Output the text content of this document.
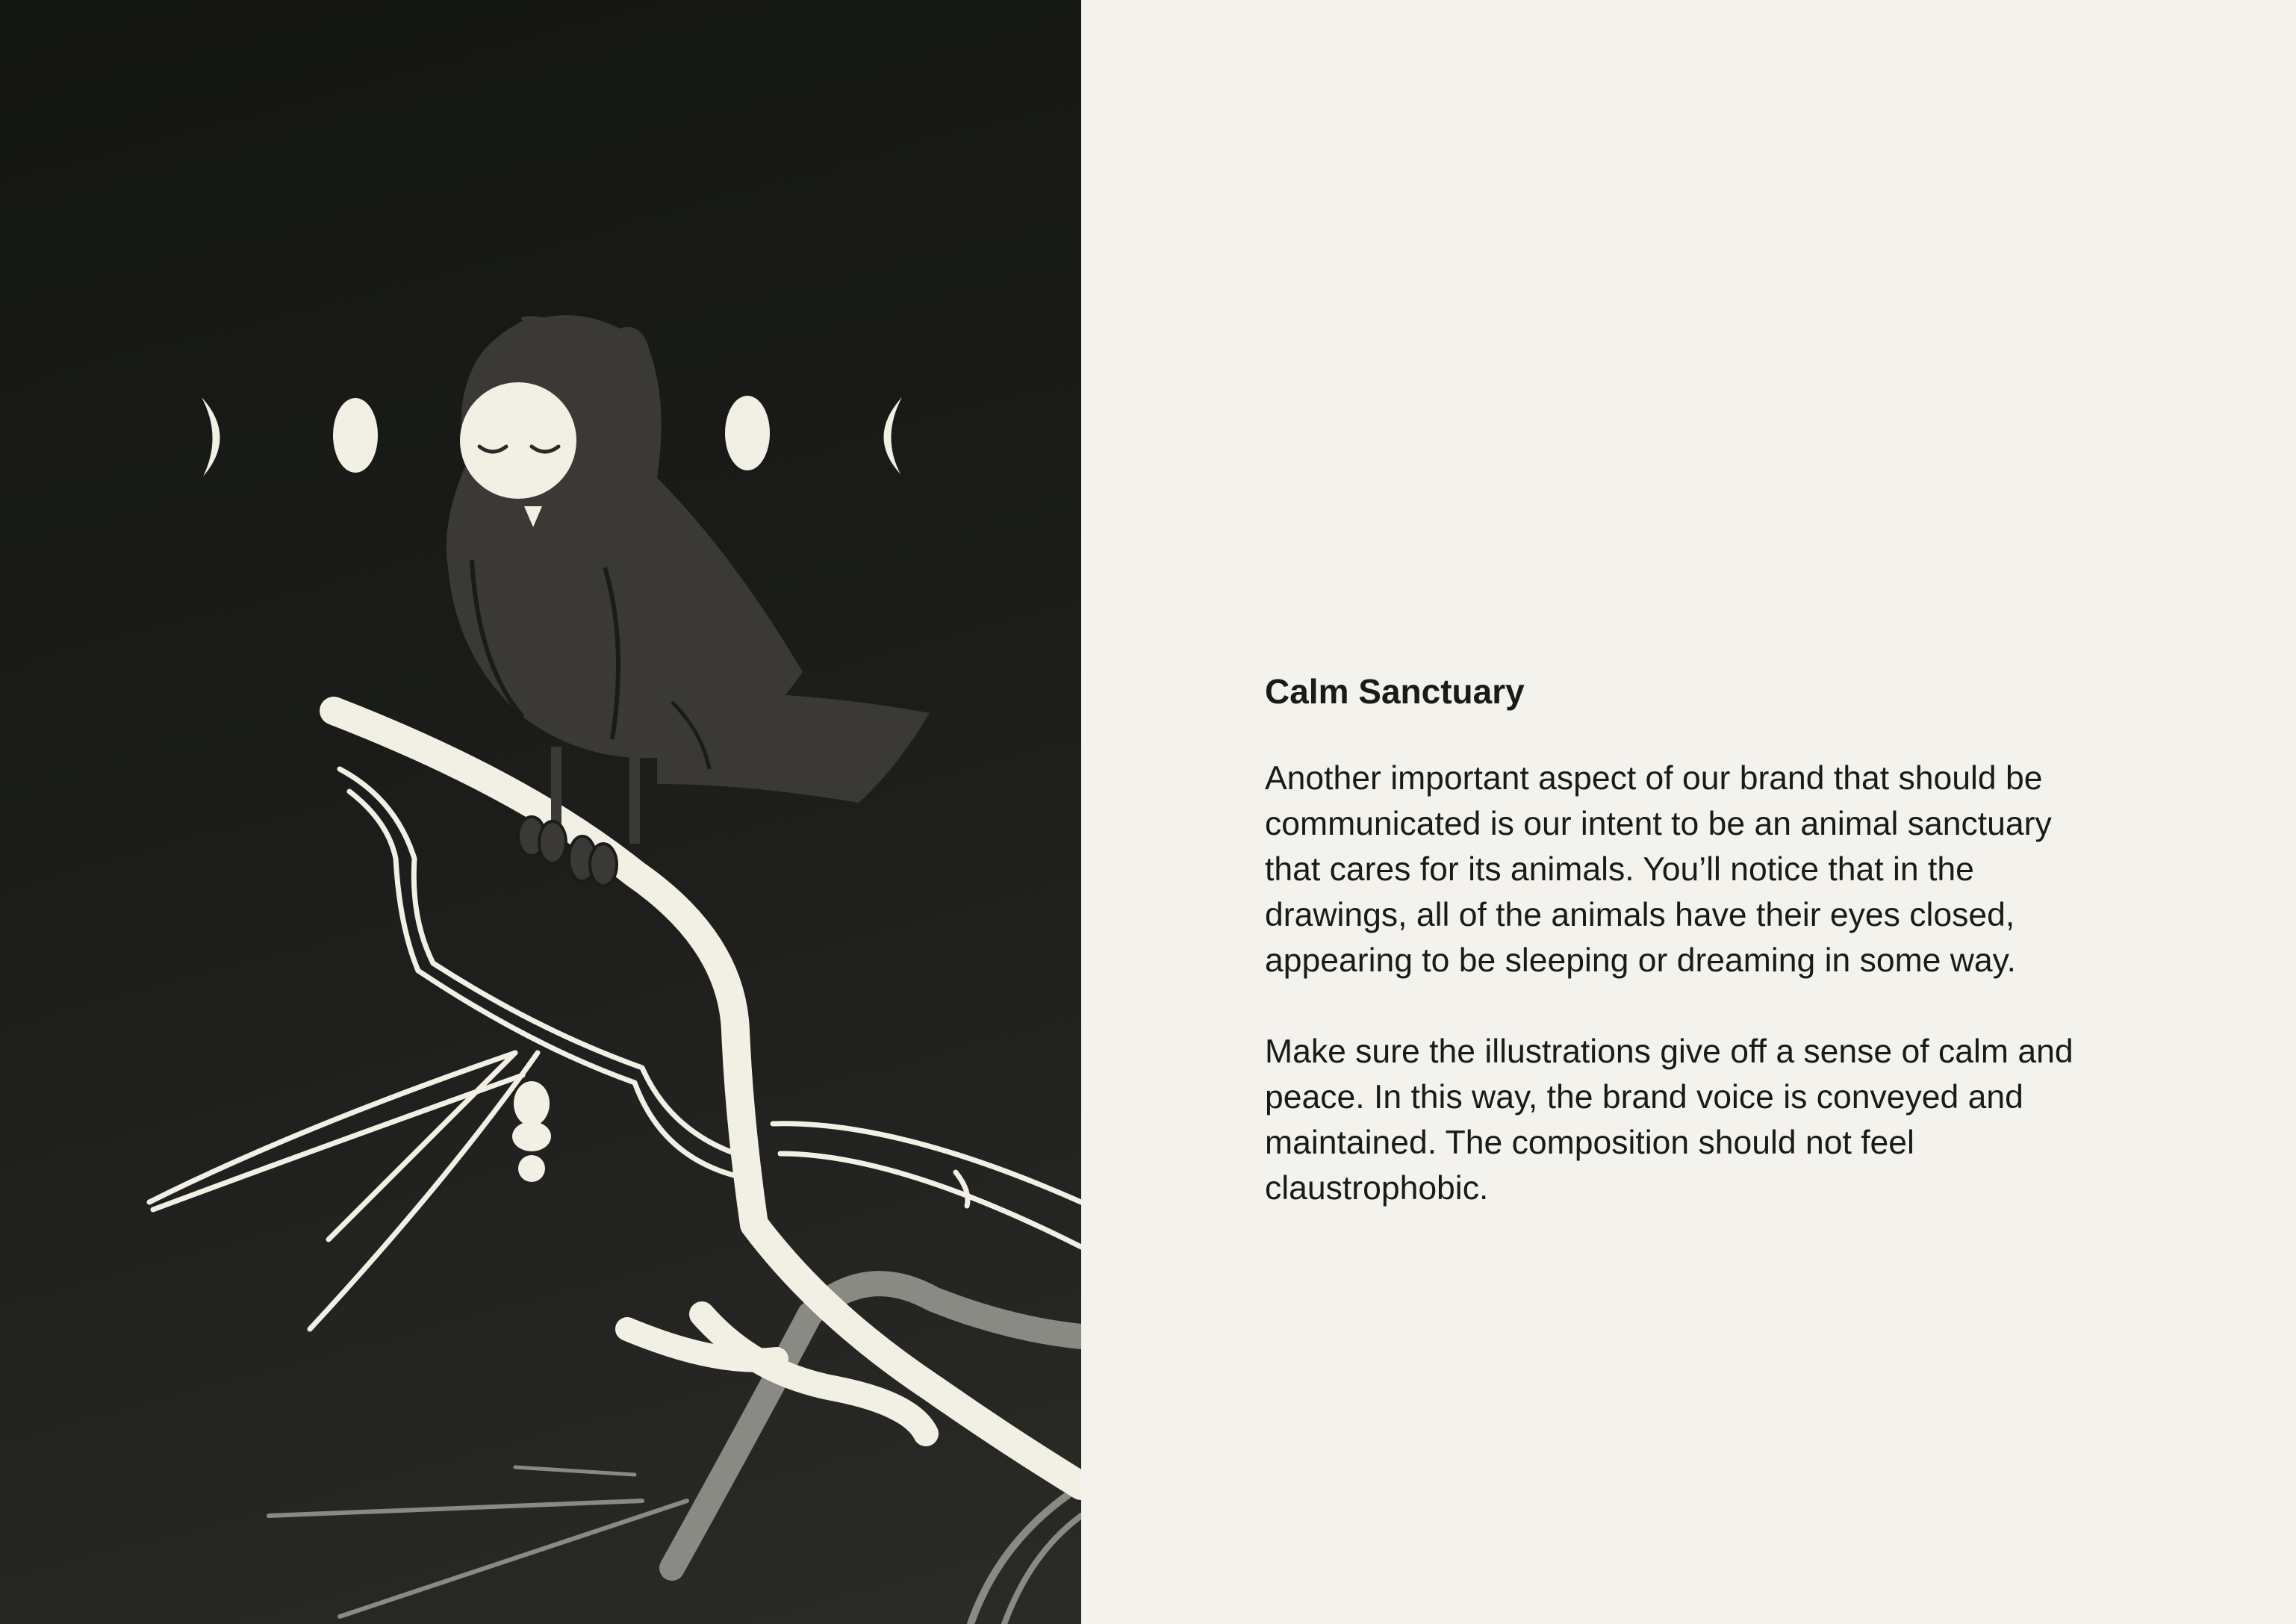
Calm Sanctuary

Another important aspect of our brand that should be communicated is our intent to be an animal sanctuary that cares for its animals. You’ll notice that in the drawings, all of the animals have their eyes closed, appearing to be sleeping or dreaming in some way.

Make sure the illustrations give off a sense of calm and peace. In this way, the brand voice is conveyed and maintained. The composition should not feel claustrophobic.
